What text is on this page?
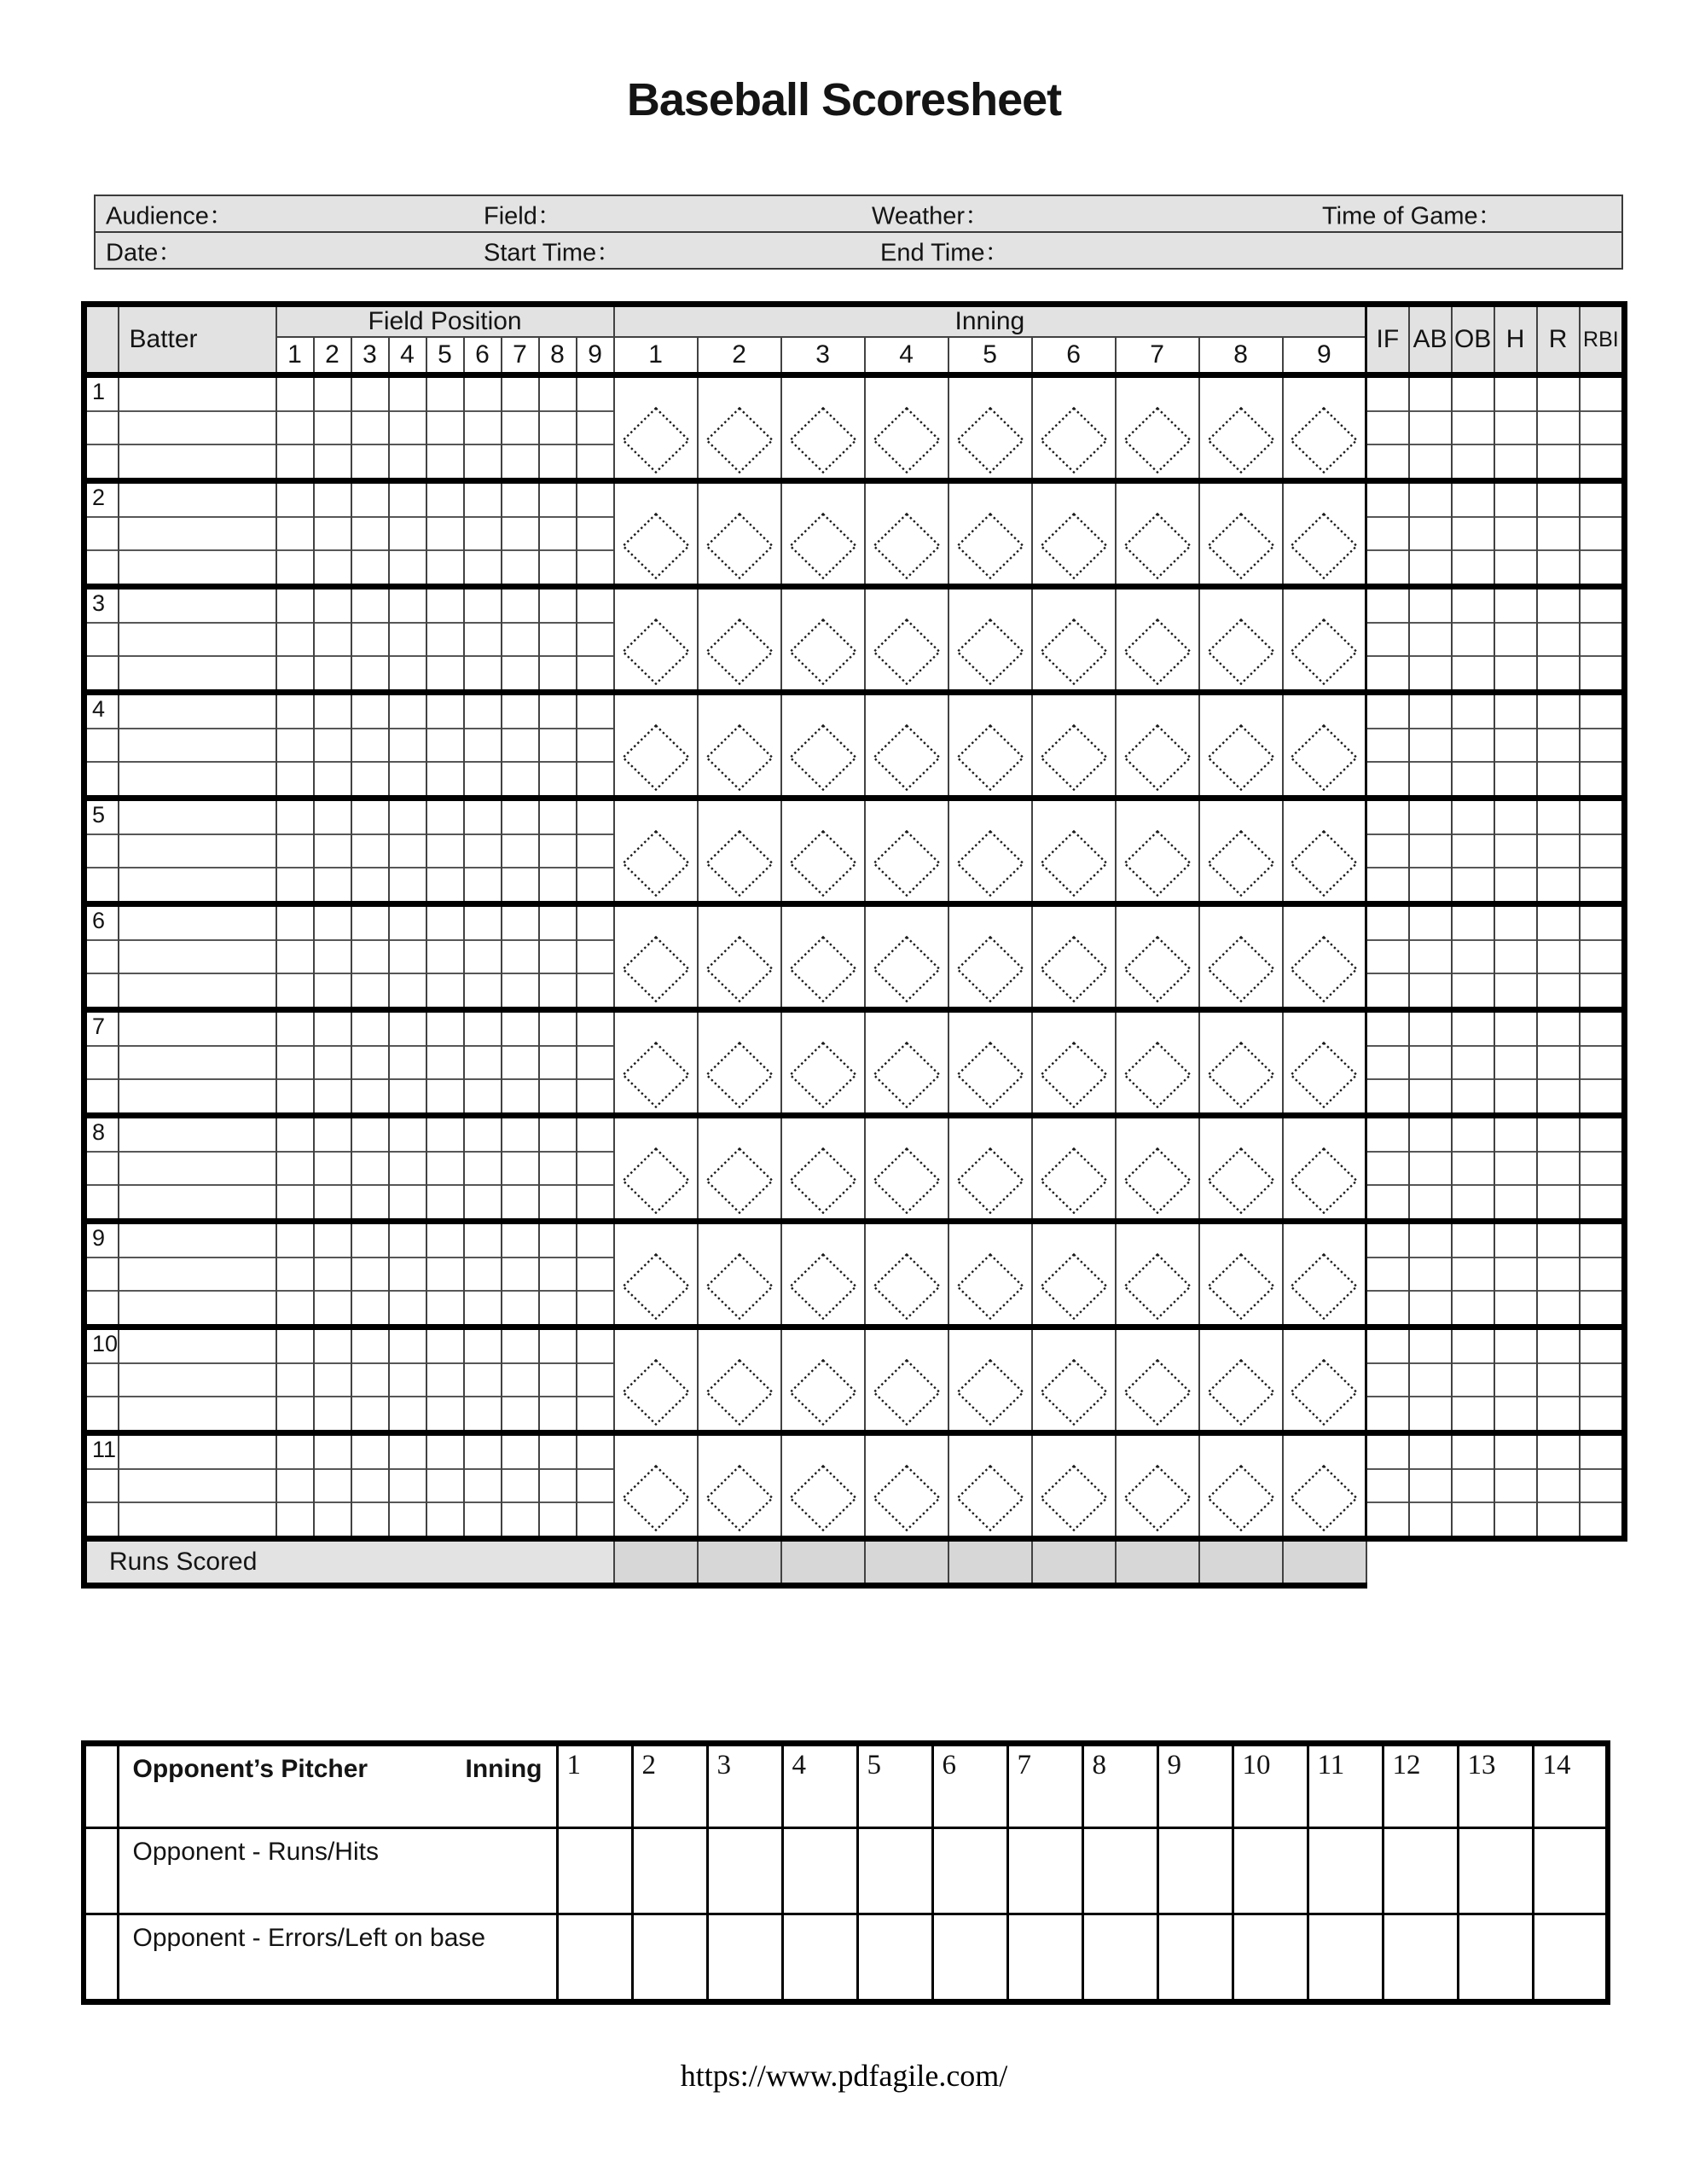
Baseball Scoresheet
Audience：	Field：	Weather：	Time of Game：
Date：	Start Time：	End Time：
	Batter	Field Position									Inning									IF	AB	OB	H	R	RBI
		1	2	3	4	5	6	7	8	9	1	2	3	4	5	6	7	8	9						

1

2

3

4

5

6

7

8

9

10

11

Runs Scored																									

	Opponent’s Pitcher Inning	1	2	3	4	5	6	7	8	9	10	11	12	13	14
	Opponent - Runs/Hits														
	Opponent - Errors/Left on base														
https://www.pdfagile.com/
